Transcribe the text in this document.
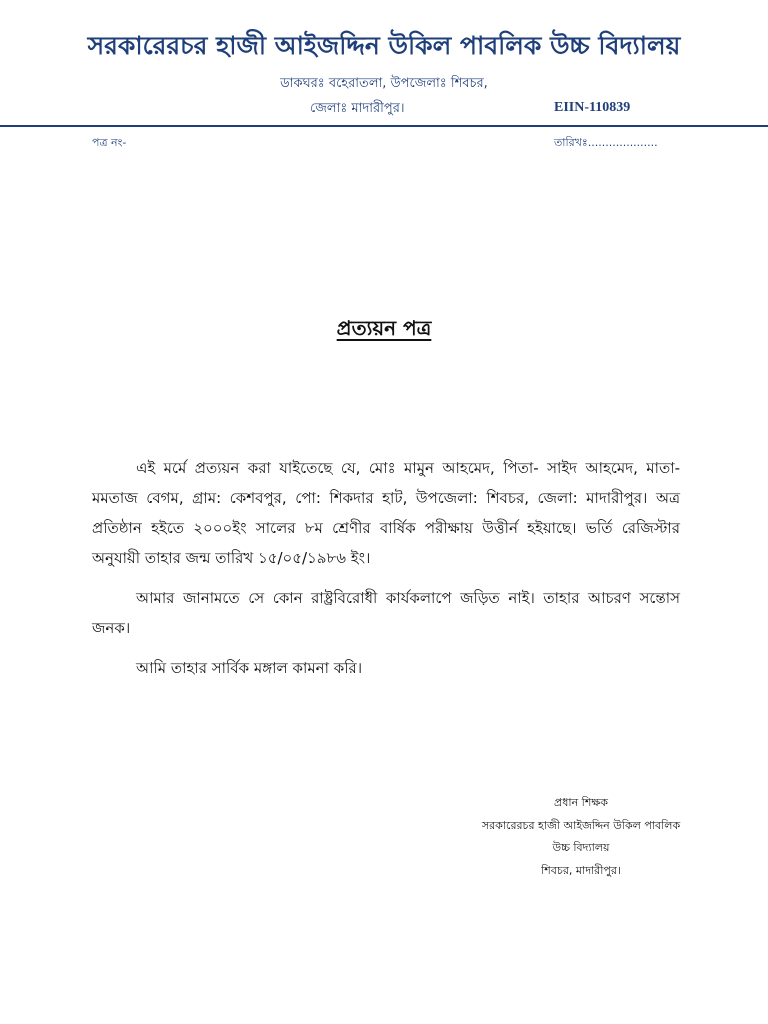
সরকারেরচর হাজী আইজদ্দিন উকিল পাবলিক উচ্চ বিদ্যালয়
ডাকঘরঃ বহেরাতলা, উপজেলাঃ শিবচর,
জেলাঃ মাদারীপুর।	EIIN-110839
পত্র নং-	তারিখঃ....................
প্রত্যয়ন পত্র

এই মর্মে প্রত্যয়ন করা যাইতেছে যে, মোঃ মামুন আহমেদ, পিতা- সাইদ আহমেদ, মাতা- মমতাজ বেগম, গ্রাম: কেশবপুর, পো: শিকদার হাট, উপজেলা: শিবচর, জেলা: মাদারীপুর। অত্র প্রতিষ্ঠান হইতে ২০০০ইং সালের ৮ম শ্রেণীর বার্ষিক পরীক্ষায় উত্তীর্ন হইয়াছে। ভর্তি রেজিস্টার অনুযায়ী তাহার জন্ম তারিখ ১৫/০৫/১৯৮৬ ইং।

আমার জানামতে সে কোন রাষ্ট্রবিরোধী কার্যকলাপে জড়িত নাই। তাহার আচরণ সন্তোস জনক।

আমি তাহার সার্বিক মঙ্গাল কামনা করি।

প্রধান শিক্ষক
সরকারেরচর হাজী আইজদ্দিন উকিল পাবলিক
উচ্চ বিদ্যালয়
শিবচর, মাদারীপুর।
